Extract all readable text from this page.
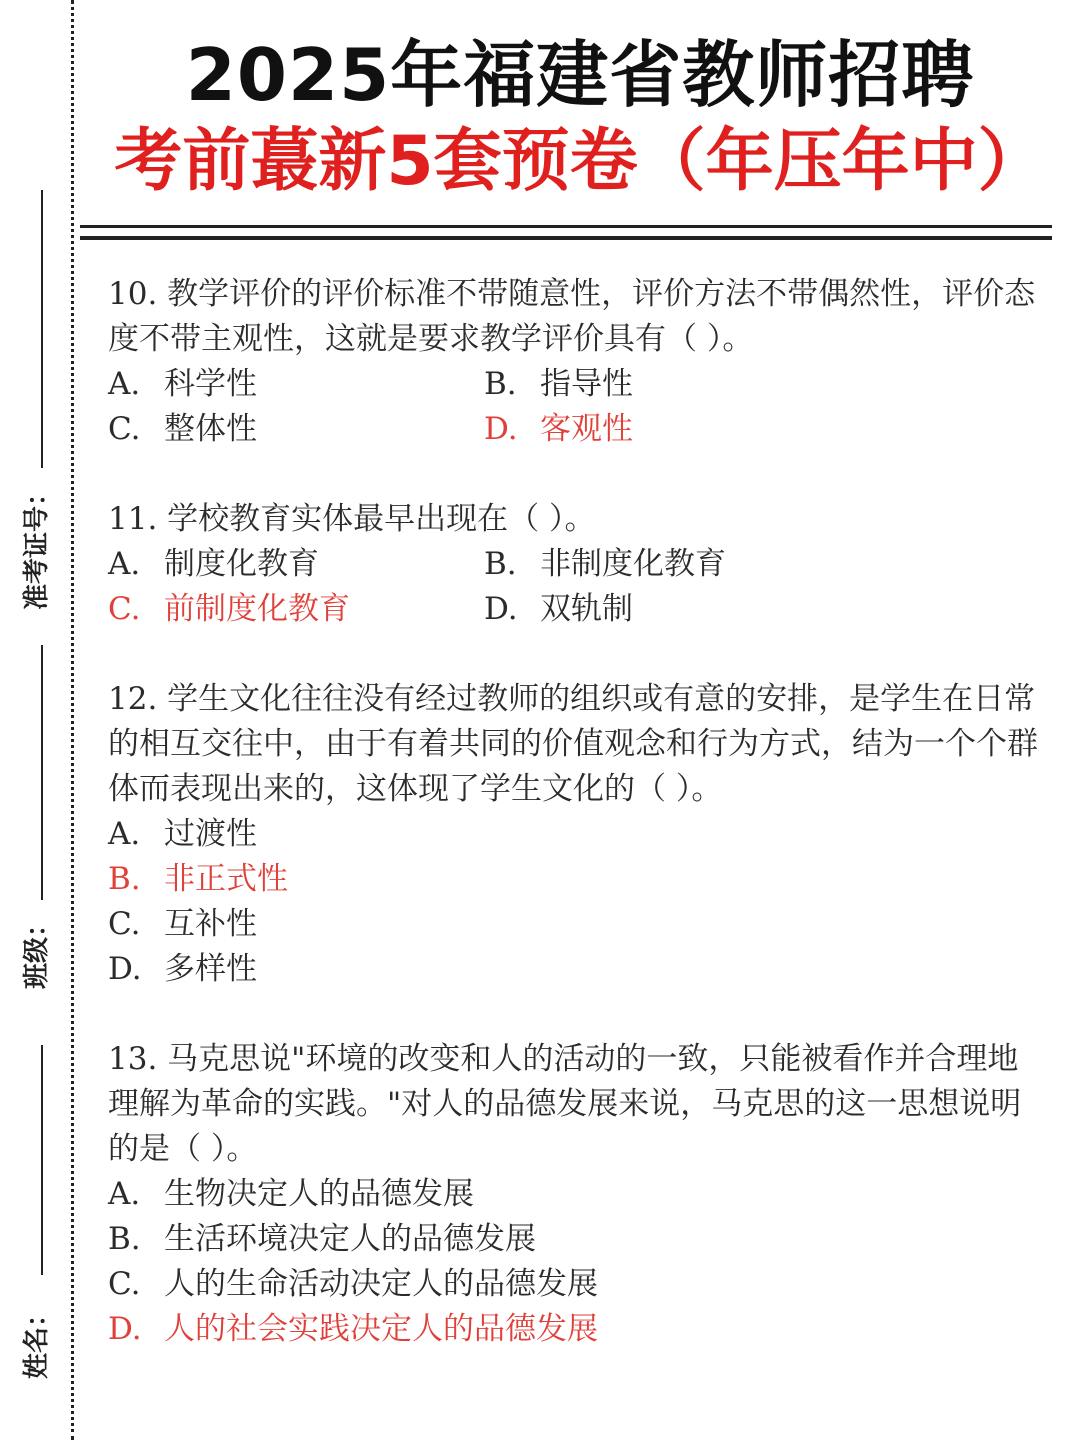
准考证号：
班级：
姓名：
2025年福建省教师招聘
考前蕞新5套预卷（年压年中）

10. 教学评价的评价标准不带随意性，评价方法不带偶然性，评价态度不带主观性，这就是要求教学评价具有（ ）。

A. 科学性	B. 指导性
C. 整体性	D. 客观性

11. 学校教育实体最早出现在（ ）。

A. 制度化教育	B. 非制度化教育
C. 前制度化教育	D. 双轨制

12. 学生文化往往没有经过教师的组织或有意的安排，是学生在日常的相互交往中，由于有着共同的价值观念和行为方式，结为一个个群体而表现出来的，这体现了学生文化的（ ）。

A. 过渡性
B. 非正式性
C. 互补性
D. 多样性

13. 马克思说"环境的改变和人的活动的一致，只能被看作并合理地理解为革命的实践。"对人的品德发展来说，马克思的这一思想说明的是（ ）。

A. 生物决定人的品德发展
B. 生活环境决定人的品德发展
C. 人的生命活动决定人的品德发展
D. 人的社会实践决定人的品德发展
